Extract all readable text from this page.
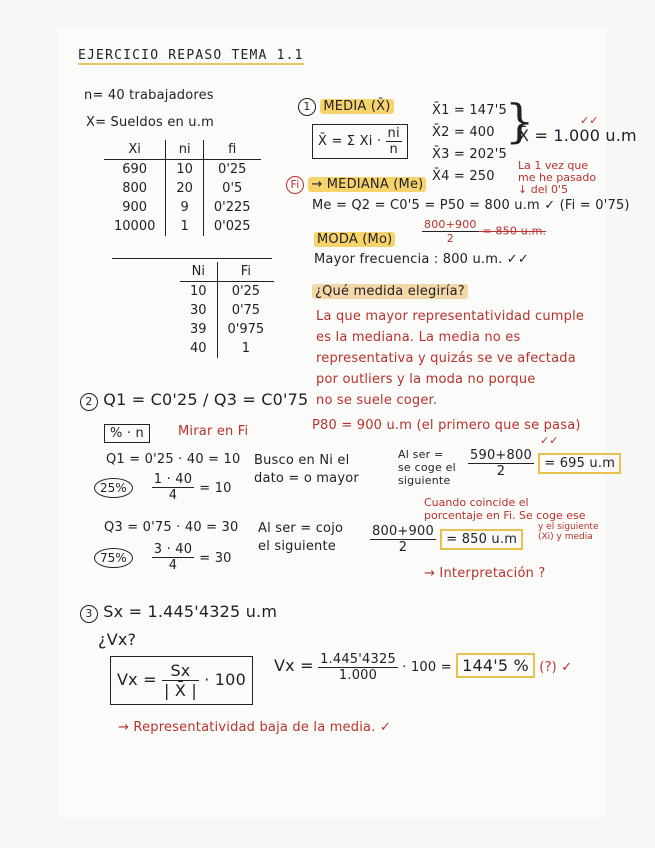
EJERCICIO REPASO TEMA 1.1
n= 40 trabajadores
X= Sueldos en u.m
Xi	ni	fi
690	10	0'25
800	20	0'5
900	9	0'225
10000	1	0'025
Ni	Fi
10	0'25
30	0'75
39	0'975
40	1
1 MEDIA (X̄)
X̄ = Σ $Xi \cdot \frac{ni}{n}$
X̄1 = 147'5
X̄2 = 400
X̄3 = 202'5
X̄4 = 250
}
X̄ = 1.000 u.m
✓✓
La 1 vez que
me he pasado
↓ del 0'5
Fi → MEDIANA (Me)
Me = Q2 = C0'5 = P50 = 800 u.m ✓ (Fi = 0'75)
$\frac{800+900}{2} = 850$ u.m.
MODA (Mo)
Mayor frecuencia : 800 u.m. ✓✓
¿Qué medida elegiría?
La que mayor representatividad cumple
es la mediana. La media no es
representativa y quizás se ve afectada
por outliers y la moda no porque
no se suele coger.
P80 = 900 u.m (el primero que se pasa)
2 Q1 = C0'25 / Q3 = C0'75
% · n	Mirar en Fi
Q1 = 0'25 · 40 = 10
$25\% \frac{1 \cdot 40}{4} = 10$
Busco en Ni el
dato = o mayor
Al ser =
se coge el
siguiente
$\frac{590+800}{2} = 695$ u.m
✓✓
Cuando coincide el
porcentaje en Fi. Se coge ese
y el siguiente
(Xi) y media
Q3 = 0'75 · 40 = 30
$75\% \frac{3 \cdot 40}{4} = 30$
Al ser = cojo
el siguiente	$\frac{800+900}{2} = 850$ u.m
→ Interpretación ?
3 Sx = 1.445'4325 u.m
¿Vx?
$Vx = \frac{Sx}{| X̄ |} \cdot 100$
$Vx = \frac{1.445'4325}{1.000} \cdot 100 = 144'5$ % (?) ✓
→ Representatividad baja de la media. ✓
